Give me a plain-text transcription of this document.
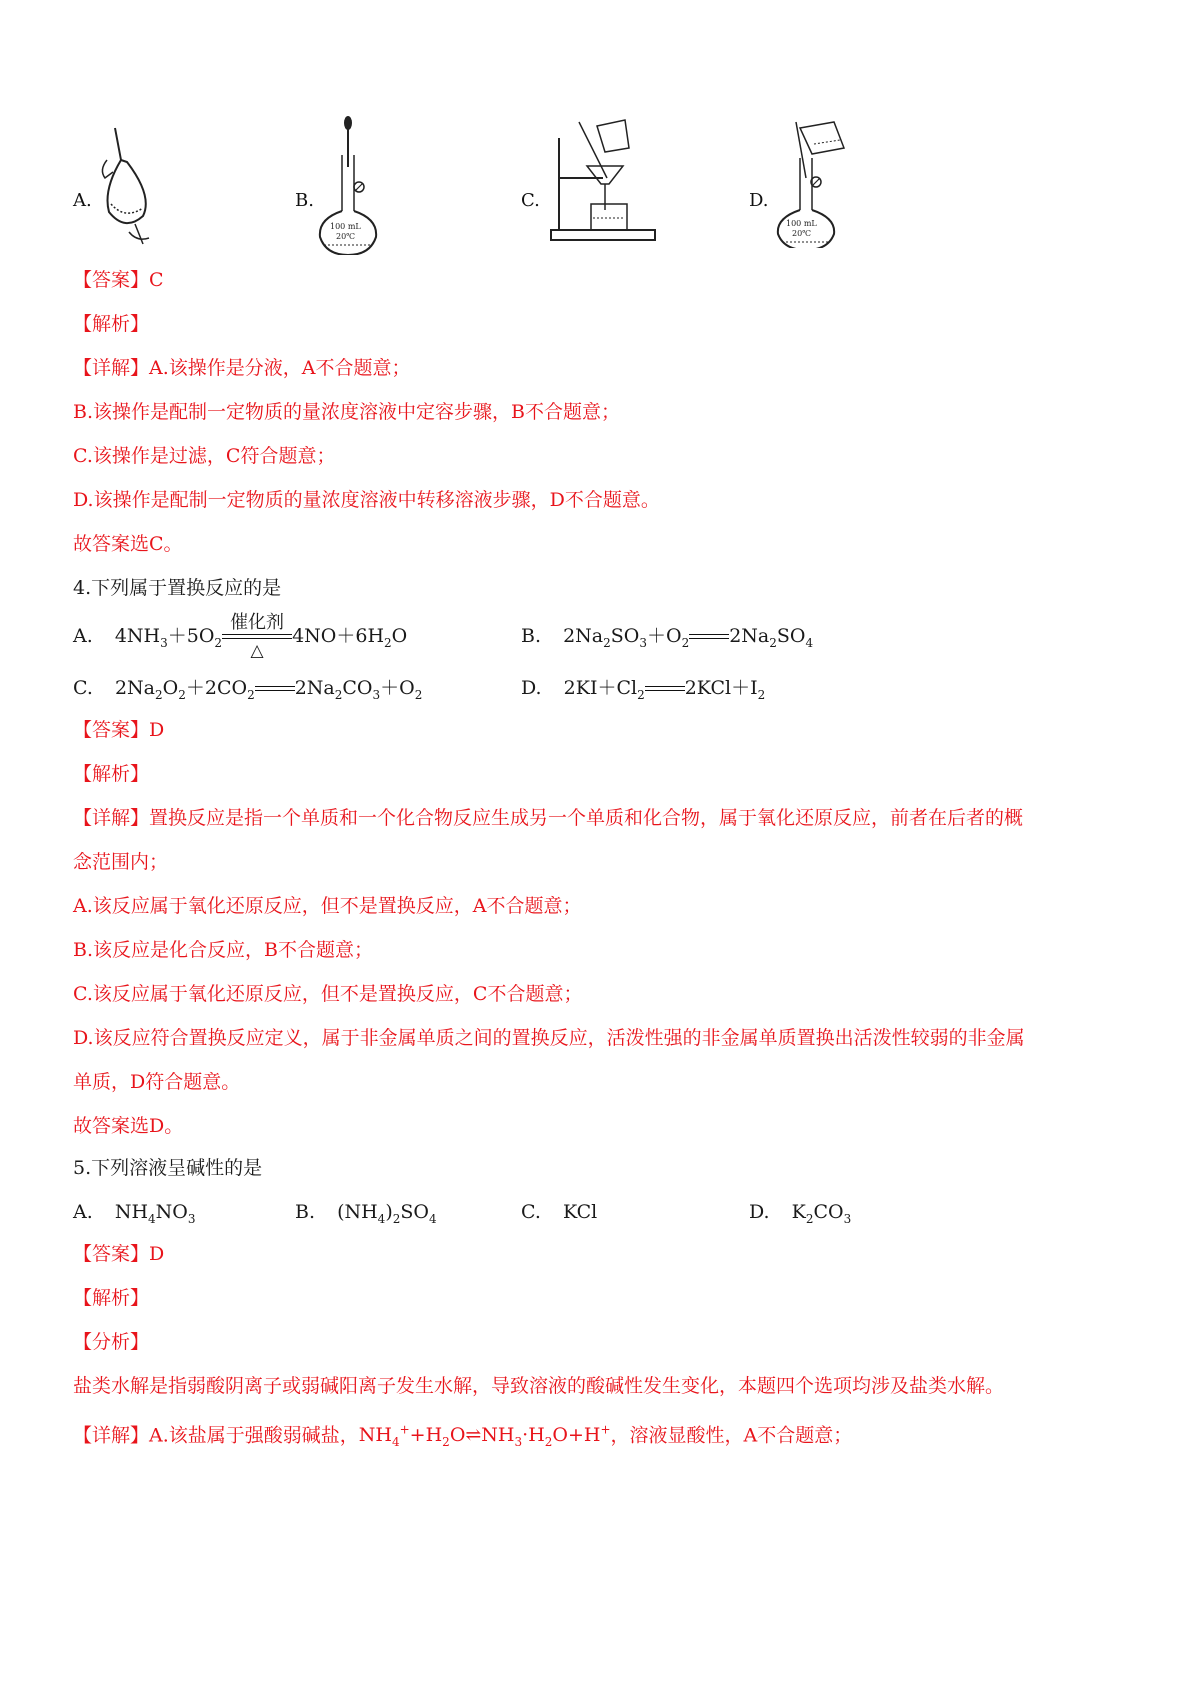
A.	B.
100 mL
20℃
C.	D.
100 mL
20℃
【答案】C
【解析】
【详解】A.该操作是分液，A不合题意；
B.该操作是配制一定物质的量浓度溶液中定容步骤，B不合题意；
C.该操作是过滤，C符合题意；
D.该操作是配制一定物质的量浓度溶液中转移溶液步骤，D不合题意。
故答案选C。
4.下列属于置换反应的是
A. $4NH_3+5O_2$
催化剂
△
$4NO+6H_2O$	B. $2Na_2SO_3+O_2$ $2Na_2SO_4$
C. $2Na_2O_2+2CO_2$ $2Na_2CO_3+O_2$	D. $2KI+Cl_2$ $2KCl+I_2$
【答案】D
【解析】
【详解】置换反应是指一个单质和一个化合物反应生成另一个单质和化合物，属于氧化还原反应，前者在后者的概
念范围内；
A.该反应属于氧化还原反应，但不是置换反应，A不合题意；
B.该反应是化合反应，B不合题意；
C.该反应属于氧化还原反应，但不是置换反应，C不合题意；
D.该反应符合置换反应定义，属于非金属单质之间的置换反应，活泼性强的非金属单质置换出活泼性较弱的非金属
单质，D符合题意。
故答案选D。
5.下列溶液呈碱性的是
A. $NH_4NO_3$	B. $(NH_4)_2SO_4$	C. KCl	D. $K_2CO_3$
【答案】D
【解析】
【分析】
盐类水解是指弱酸阴离子或弱碱阳离子发生水解，导致溶液的酸碱性发生变化，本题四个选项均涉及盐类水解。
【详解】A.该盐属于强酸弱碱盐，$NH_4^++H_2O\rightleftharpoons NH_3\cdot H_2O+H^+$，溶液显酸性，A不合题意；
